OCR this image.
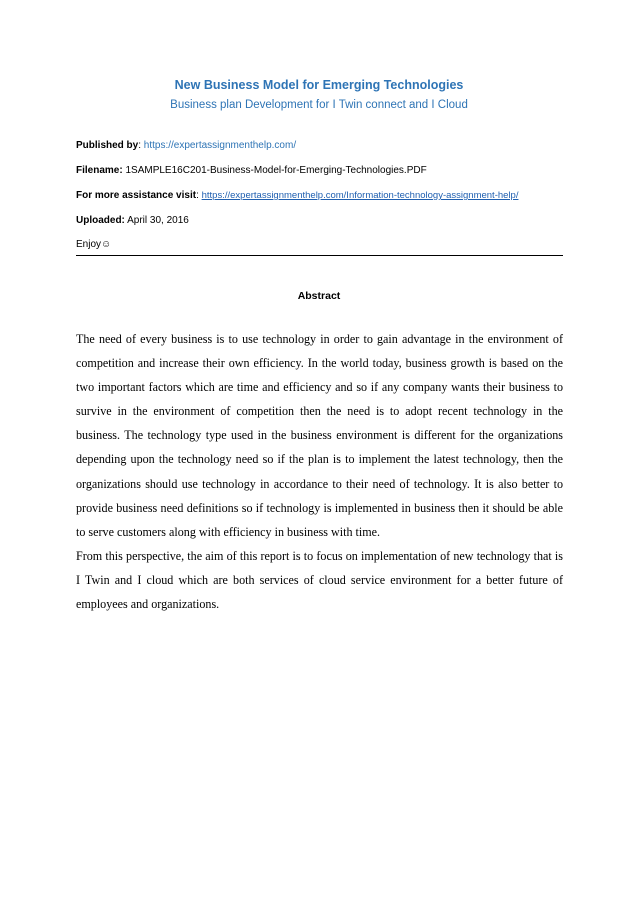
New Business Model for Emerging Technologies
Business plan Development for I Twin connect and I Cloud
Published by: https://expertassignmenthelp.com/
Filename: 1SAMPLE16C201-Business-Model-for-Emerging-Technologies.PDF
For more assistance visit: https://expertassignmenthelp.com/Information-technology-assignment-help/
Uploaded: April 30, 2016
Enjoy☺
Abstract

The need of every business is to use technology in order to gain advantage in the environment of competition and increase their own efficiency. In the world today, business growth is based on the two important factors which are time and efficiency and so if any company wants their business to survive in the environment of competition then the need is to adopt recent technology in the business. The technology type used in the business environment is different for the organizations depending upon the technology need so if the plan is to implement the latest technology, then the organizations should use technology in accordance to their need of technology. It is also better to provide business need definitions so if technology is implemented in business then it should be able to serve customers along with efficiency in business with time.

From this perspective, the aim of this report is to focus on implementation of new technology that is I Twin and I cloud which are both services of cloud service environment for a better future of employees and organizations.
